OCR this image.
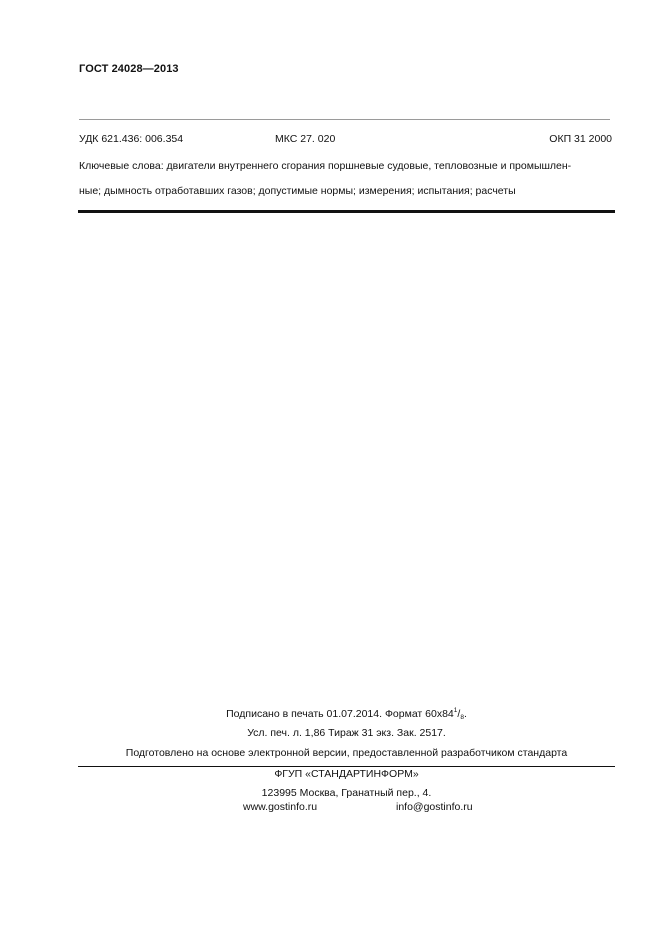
ГОСТ 24028—2013
УДК 621.436: 006.354	МКС 27. 020	ОКП 31 2000
Ключевые слова: двигатели внутреннего сгорания поршневые судовые, тепловозные и промышлен-
ные; дымность отработавших газов; допустимые нормы; измерения; испытания; расчеты
Подписано в печать 01.07.2014. Формат $60х84^1/_8$.
Усл. печ. л. 1,86 Тираж 31 экз. Зак. 2517.
Подготовлено на основе электронной версии, предоставленной разработчиком стандарта
ФГУП «СТАНДАРТИНФОРМ»
123995 Москва, Гранатный пер., 4.
www.gostinfo.ru	info@gostinfo.ru
